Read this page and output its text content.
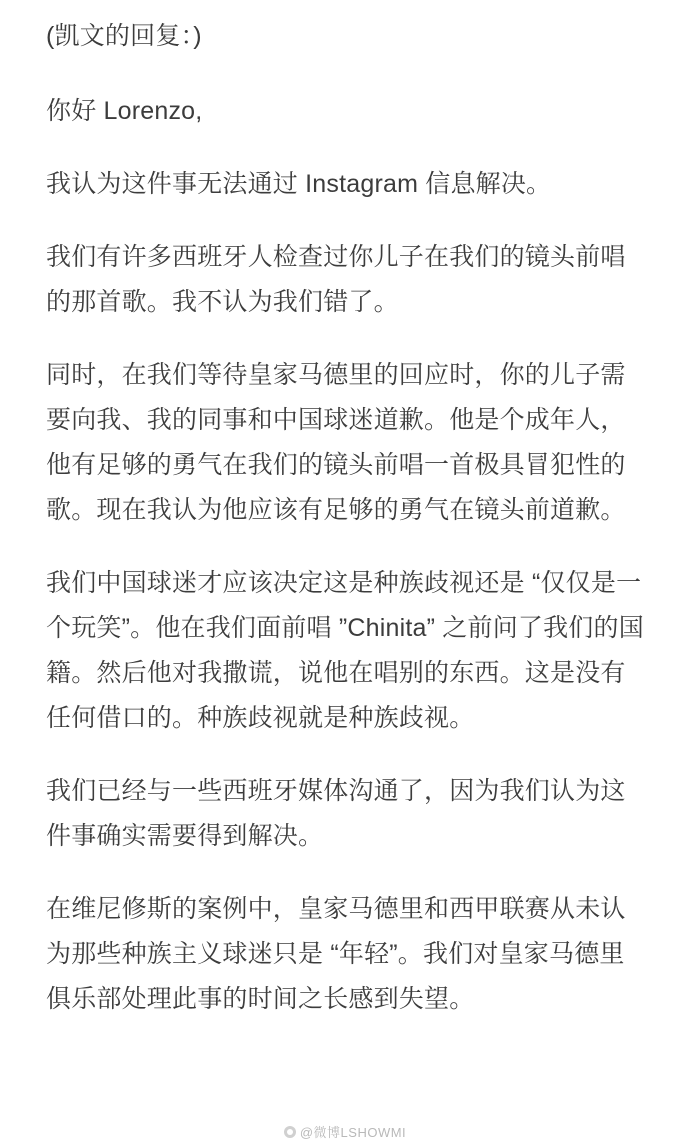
(凯文的回复：)

你好 Lorenzo,

我认为这件事无法通过 Instagram 信息解决。

我们有许多西班牙人检查过你儿子在我们的镜头前唱的那首歌。我不认为我们错了。

同时，在我们等待皇家马德里的回应时，你的儿子需要向我、我的同事和中国球迷道歉。他是个成年人，他有足够的勇气在我们的镜头前唱一首极具冒犯性的歌。现在我认为他应该有足够的勇气在镜头前道歉。

我们中国球迷才应该决定这是种族歧视还是 “仅仅是一个玩笑”。他在我们面前唱 ”Chinita” 之前问了我们的国籍。然后他对我撒谎，说他在唱别的东西。这是没有任何借口的。种族歧视就是种族歧视。

我们已经与一些西班牙媒体沟通了，因为我们认为这件事确实需要得到解决。

在维尼修斯的案例中，皇家马德里和西甲联赛从未认为那些种族主义球迷只是 “年轻”。我们对皇家马德里俱乐部处理此事的时间之长感到失望。

@微博LSHOWMI
